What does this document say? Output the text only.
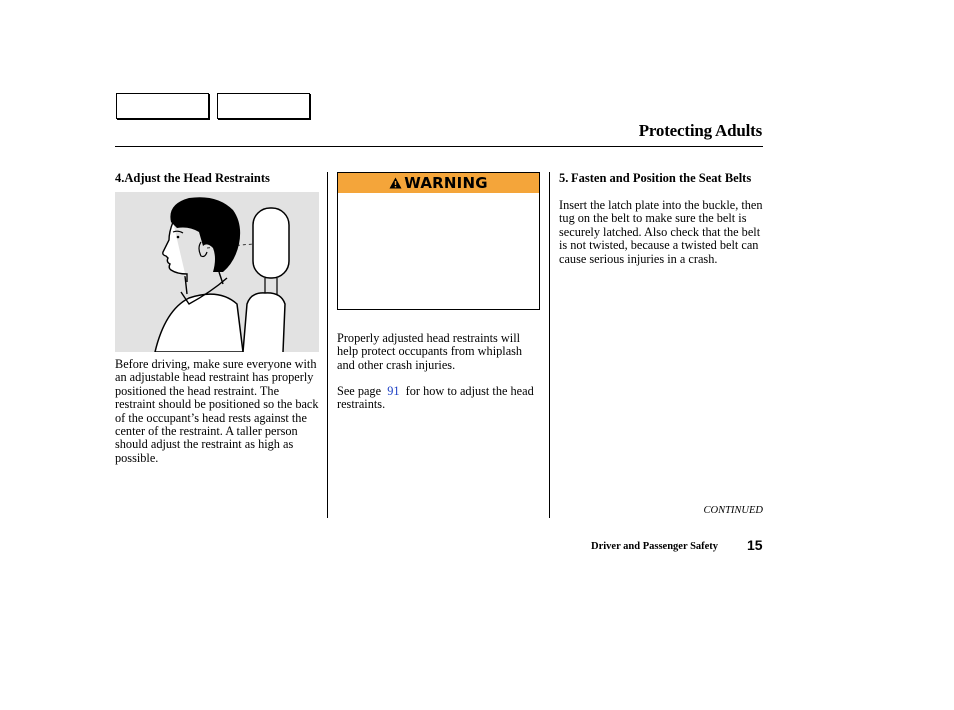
Protecting Adults
4.Adjust the Head Restraints

Before driving, make sure everyone with an adjustable head restraint has properly positioned the head restraint. The restraint should be positioned so the back of the occupant’s head rests against the center of the restraint. A taller person should adjust the restraint as high as possible.

WARNING

Properly adjusted head restraints will help protect occupants from whiplash and other crash injuries.

See page 91 for how to adjust the head restraints.

5. Fasten and Position the Seat Belts

Insert the latch plate into the buckle, then tug on the belt to make sure the belt is securely latched. Also check that the belt is not twisted, because a twisted belt can cause serious injuries in a crash.

CONTINUED
Driver and Passenger Safety 15
